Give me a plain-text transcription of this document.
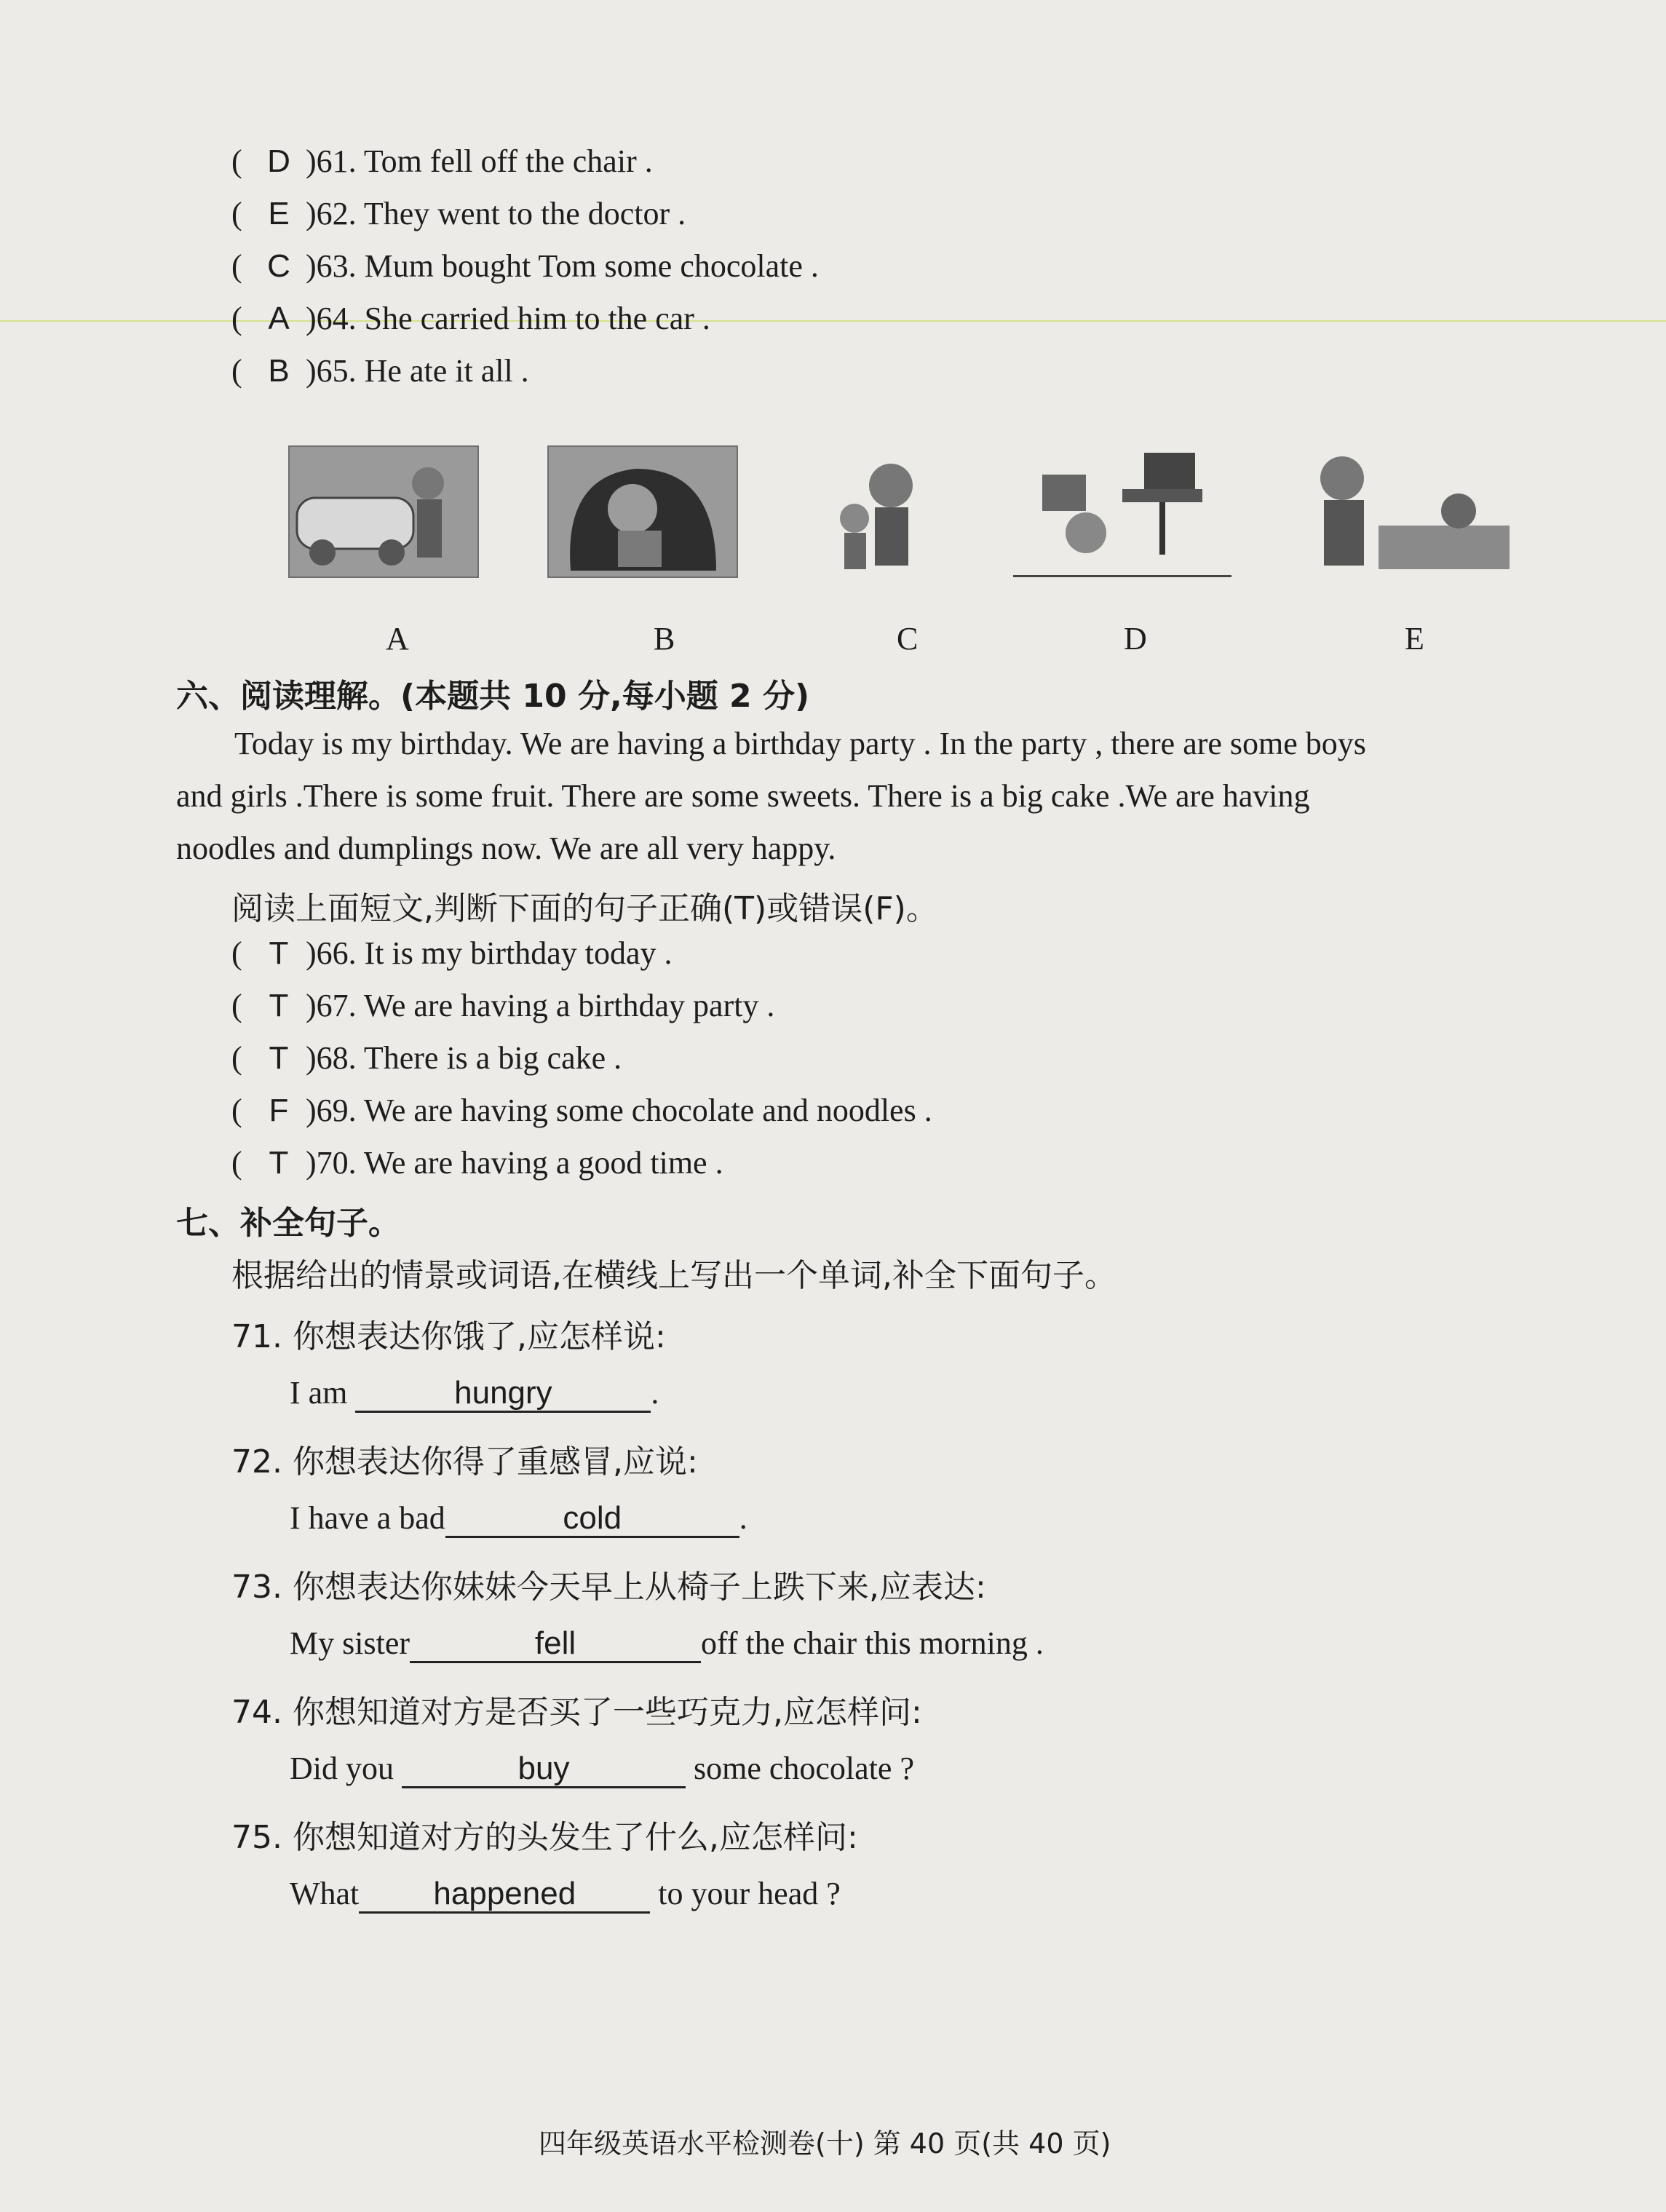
( D )61. Tom fell off the chair .
( E )62. They went to the doctor .
( C )63. Mum bought Tom some chocolate .
( A )64. She carried him to the car .
( B )65. He ate it all .
A	B	C	D	E
六、阅读理解。(本题共 10 分,每小题 2 分)
Today is my birthday. We are having a birthday party . In the party , there are some boys
and girls .There is some fruit. There are some sweets. There is a big cake .We are having
noodles and dumplings now. We are all very happy.
阅读上面短文,判断下面的句子正确(T)或错误(F)。
( T )66. It is my birthday today .
( T )67. We are having a birthday party .
( T )68. There is a big cake .
( F )69. We are having some chocolate and noodles .
( T )70. We are having a good time .
七、补全句子。
根据给出的情景或词语,在横线上写出一个单词,补全下面句子。
71. 你想表达你饿了,应怎样说:
I am	hungry	.
72. 你想表达你得了重感冒,应说:
I have a bad	cold	.
73. 你想表达你妹妹今天早上从椅子上跌下来,应表达:
My sister	fell	off the chair this morning .
74. 你想知道对方是否买了一些巧克力,应怎样问:
Did you	buy	some chocolate ?
75. 你想知道对方的头发生了什么,应怎样问:
What happened to your head ?
四年级英语水平检测卷(十) 第 40 页(共 40 页)
